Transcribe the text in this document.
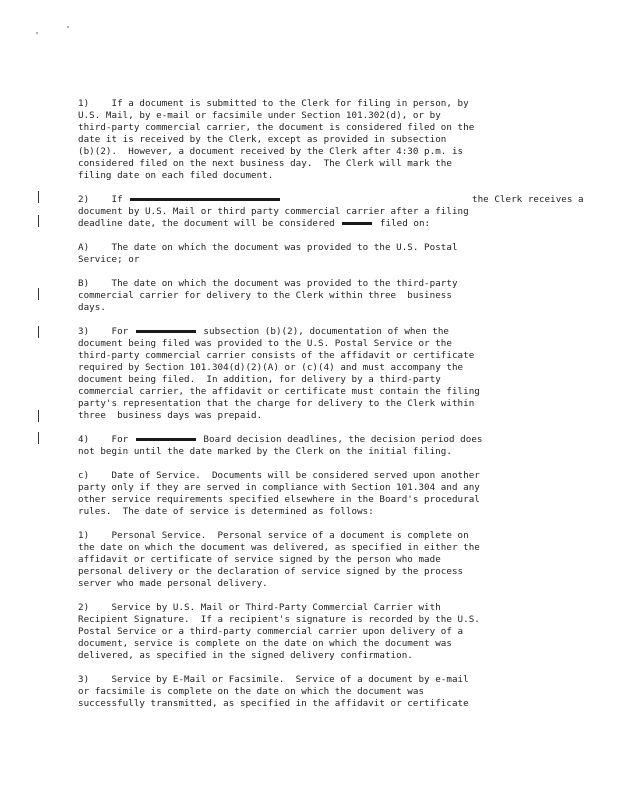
1)    If a document is submitted to the Clerk for filing in person, by
U.S. Mail, by e-mail or facsimile under Section 101.302(d), or by
third-party commercial carrier, the document is considered filed on the
date it is received by the Clerk, except as provided in subsection
(b)(2).  However, a document received by the Clerk after 4:30 p.m. is
considered filed on the next business day.  The Clerk will mark the
filing date on each filed document.
2)    If	the Clerk receives a
document by U.S. Mail or third party commercial carrier after a filing
deadline date, the document will be considered	filed on:
A)    The date on which the document was provided to the U.S. Postal
Service; or
B)    The date on which the document was provided to the third-party
commercial carrier for delivery to the Clerk within three  business
days.
3)    For	subsection (b)(2), documentation of when the
document being filed was provided to the U.S. Postal Service or the
third-party commercial carrier consists of the affidavit or certificate
required by Section 101.304(d)(2)(A) or (c)(4) and must accompany the
document being filed.  In addition, for delivery by a third-party
commercial carrier, the affidavit or certificate must contain the filing
party's representation that the charge for delivery to the Clerk within
three  business days was prepaid.
4)    For	Board decision deadlines, the decision period does
not begin until the date marked by the Clerk on the initial filing.
c)    Date of Service.  Documents will be considered served upon another
party only if they are served in compliance with Section 101.304 and any
other service requirements specified elsewhere in the Board's procedural
rules.  The date of service is determined as follows:
1)    Personal Service.  Personal service of a document is complete on
the date on which the document was delivered, as specified in either the
affidavit or certificate of service signed by the person who made
personal delivery or the declaration of service signed by the process
server who made personal delivery.
2)    Service by U.S. Mail or Third-Party Commercial Carrier with
Recipient Signature.  If a recipient's signature is recorded by the U.S.
Postal Service or a third-party commercial carrier upon delivery of a
document, service is complete on the date on which the document was
delivered, as specified in the signed delivery confirmation.
3)    Service by E-Mail or Facsimile.  Service of a document by e-mail
or facsimile is complete on the date on which the document was
successfully transmitted, as specified in the affidavit or certificate
